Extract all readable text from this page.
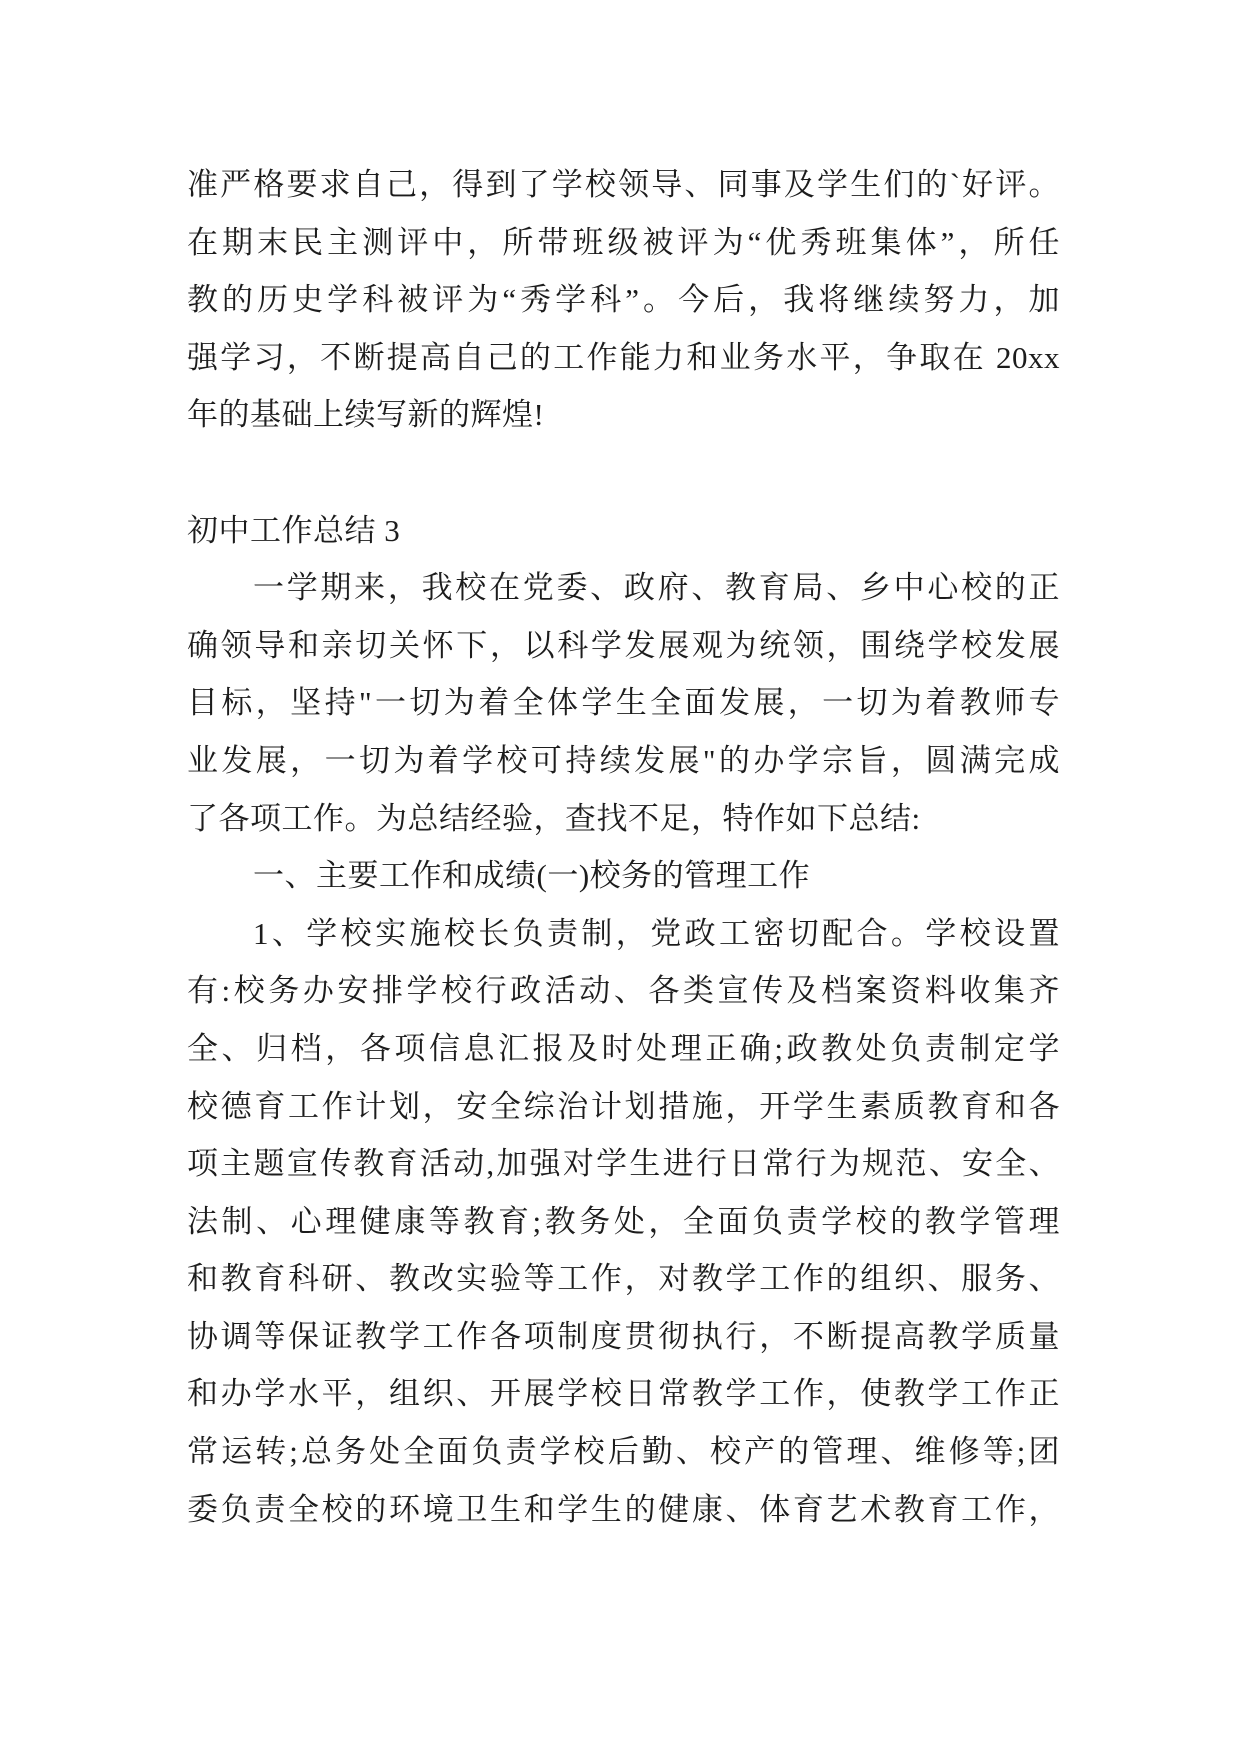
准严格要求自己，得到了学校领导、同事及学生们的`好评。
在期末民主测评中，所带班级被评为“优秀班集体”，所任
教的历史学科被评为“秀学科”。今后，我将继续努力，加
强学习，不断提高自己的工作能力和业务水平，争取在 20xx
年的基础上续写新的辉煌!
初中工作总结 3
一学期来，我校在党委、政府、教育局、乡中心校的正
确领导和亲切关怀下，以科学发展观为统领，围绕学校发展
目标，坚持"一切为着全体学生全面发展，一切为着教师专
业发展，一切为着学校可持续发展"的办学宗旨，圆满完成
了各项工作。为总结经验，查找不足，特作如下总结:
一、主要工作和成绩(一)校务的管理工作
1、学校实施校长负责制，党政工密切配合。学校设置
有:校务办安排学校行政活动、各类宣传及档案资料收集齐
全、归档，各项信息汇报及时处理正确;政教处负责制定学
校德育工作计划，安全综治计划措施，开学生素质教育和各
项主题宣传教育活动,加强对学生进行日常行为规范、安全、
法制、心理健康等教育;教务处，全面负责学校的教学管理
和教育科研、教改实验等工作，对教学工作的组织、服务、
协调等保证教学工作各项制度贯彻执行，不断提高教学质量
和办学水平，组织、开展学校日常教学工作，使教学工作正
常运转;总务处全面负责学校后勤、校产的管理、维修等;团
委负责全校的环境卫生和学生的健康、体育艺术教育工作，
